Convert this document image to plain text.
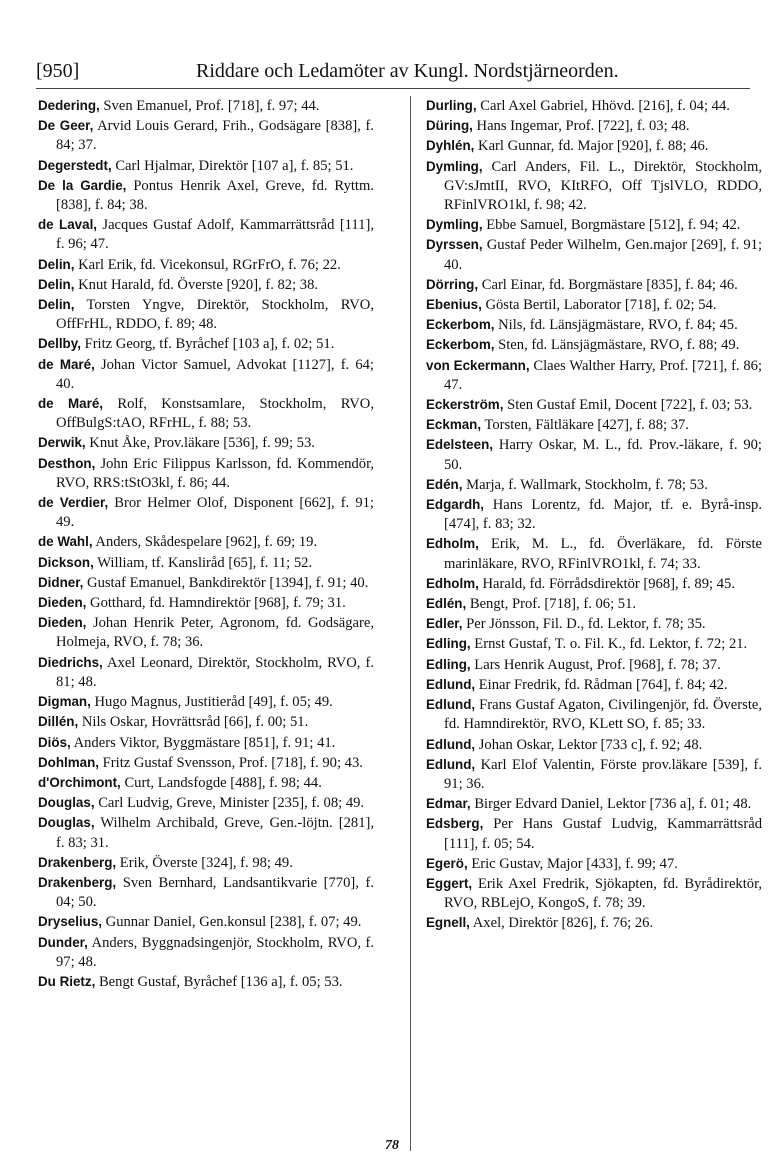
[950]	Riddare och Ledamöter av Kungl. Nordstjärneorden.

Dedering, Sven Emanuel, Prof. [718], f. 97; 44.

De Geer, Arvid Louis Gerard, Frih., Godsägare [838], f. 84; 37.

Degerstedt, Carl Hjalmar, Direktör [107 a], f. 85; 51.

De la Gardie, Pontus Henrik Axel, Greve, fd. Ryttm. [838], f. 84; 38.

de Laval, Jacques Gustaf Adolf, Kammarrättsråd [111], f. 96; 47.

Delin, Karl Erik, fd. Vicekonsul, RGrFrO, f. 76; 22.

Delin, Knut Harald, fd. Överste [920], f. 82; 38.

Delin, Torsten Yngve, Direktör, Stockholm, RVO, OffFrHL, RDDO, f. 89; 48.

Dellby, Fritz Georg, tf. Byråchef [103 a], f. 02; 51.

de Maré, Johan Victor Samuel, Advokat [1127], f. 64; 40.

de Maré, Rolf, Konstsamlare, Stockholm, RVO, OffBulgS:tAO, RFrHL, f. 88; 53.

Derwik, Knut Åke, Prov.läkare [536], f. 99; 53.

Desthon, John Eric Filippus Karlsson, fd. Kommendör, RVO, RRS:tStO3kl, f. 86; 44.

de Verdier, Bror Helmer Olof, Disponent [662], f. 91; 49.

de Wahl, Anders, Skådespelare [962], f. 69; 19.

Dickson, William, tf. Kansliråd [65], f. 11; 52.

Didner, Gustaf Emanuel, Bankdirektör [1394], f. 91; 40.

Dieden, Gotthard, fd. Hamndirektör [968], f. 79; 31.

Dieden, Johan Henrik Peter, Agronom, fd. Godsägare, Holmeja, RVO, f. 78; 36.

Diedrichs, Axel Leonard, Direktör, Stockholm, RVO, f. 81; 48.

Digman, Hugo Magnus, Justitieråd [49], f. 05; 49.

Dillén, Nils Oskar, Hovrättsråd [66], f. 00; 51.

Diös, Anders Viktor, Byggmästare [851], f. 91; 41.

Dohlman, Fritz Gustaf Svensson, Prof. [718], f. 90; 43.

d'Orchimont, Curt, Landsfogde [488], f. 98; 44.

Douglas, Carl Ludvig, Greve, Minister [235], f. 08; 49.

Douglas, Wilhelm Archibald, Greve, Gen.-löjtn. [281], f. 83; 31.

Drakenberg, Erik, Överste [324], f. 98; 49.

Drakenberg, Sven Bernhard, Landsantikvarie [770], f. 04; 50.

Dryselius, Gunnar Daniel, Gen.konsul [238], f. 07; 49.

Dunder, Anders, Byggnadsingenjör, Stockholm, RVO, f. 97; 48.

Du Rietz, Bengt Gustaf, Byråchef [136 a], f. 05; 53.

Durling, Carl Axel Gabriel, Hhövd. [216], f. 04; 44.

Düring, Hans Ingemar, Prof. [722], f. 03; 48.

Dyhlén, Karl Gunnar, fd. Major [920], f. 88; 46.

Dymling, Carl Anders, Fil. L., Direktör, Stockholm, GV:sJmtII, RVO, KItRFO, Off TjslVLO, RDDO, RFinlVRO1kl, f. 98; 42.

Dymling, Ebbe Samuel, Borgmästare [512], f. 94; 42.

Dyrssen, Gustaf Peder Wilhelm, Gen.major [269], f. 91; 40.

Dörring, Carl Einar, fd. Borgmästare [835], f. 84; 46.

Ebenius, Gösta Bertil, Laborator [718], f. 02; 54.

Eckerbom, Nils, fd. Länsjägmästare, RVO, f. 84; 45.

Eckerbom, Sten, fd. Länsjägmästare, RVO, f. 88; 49.

von Eckermann, Claes Walther Harry, Prof. [721], f. 86; 47.

Eckerström, Sten Gustaf Emil, Docent [722], f. 03; 53.

Eckman, Torsten, Fältläkare [427], f. 88; 37.

Edelsteen, Harry Oskar, M. L., fd. Prov.-läkare, f. 90; 50.

Edén, Marja, f. Wallmark, Stockholm, f. 78; 53.

Edgardh, Hans Lorentz, fd. Major, tf. e. Byrå-insp. [474], f. 83; 32.

Edholm, Erik, M. L., fd. Överläkare, fd. Förste marinläkare, RVO, RFinlVRO1kl, f. 74; 33.

Edholm, Harald, fd. Förrådsdirektör [968], f. 89; 45.

Edlén, Bengt, Prof. [718], f. 06; 51.

Edler, Per Jönsson, Fil. D., fd. Lektor, f. 78; 35.

Edling, Ernst Gustaf, T. o. Fil. K., fd. Lektor, f. 72; 21.

Edling, Lars Henrik August, Prof. [968], f. 78; 37.

Edlund, Einar Fredrik, fd. Rådman [764], f. 84; 42.

Edlund, Frans Gustaf Agaton, Civilingenjör, fd. Överste, fd. Hamndirektör, RVO, KLett SO, f. 85; 33.

Edlund, Johan Oskar, Lektor [733 c], f. 92; 48.

Edlund, Karl Elof Valentin, Förste prov.läkare [539], f. 91; 36.

Edmar, Birger Edvard Daniel, Lektor [736 a], f. 01; 48.

Edsberg, Per Hans Gustaf Ludvig, Kammarrättsråd [111], f. 05; 54.

Egerö, Eric Gustav, Major [433], f. 99; 47.

Eggert, Erik Axel Fredrik, Sjökapten, fd. Byrådirektör, RVO, RBLejO, KongoS, f. 78; 39.

Egnell, Axel, Direktör [826], f. 76; 26.

78
